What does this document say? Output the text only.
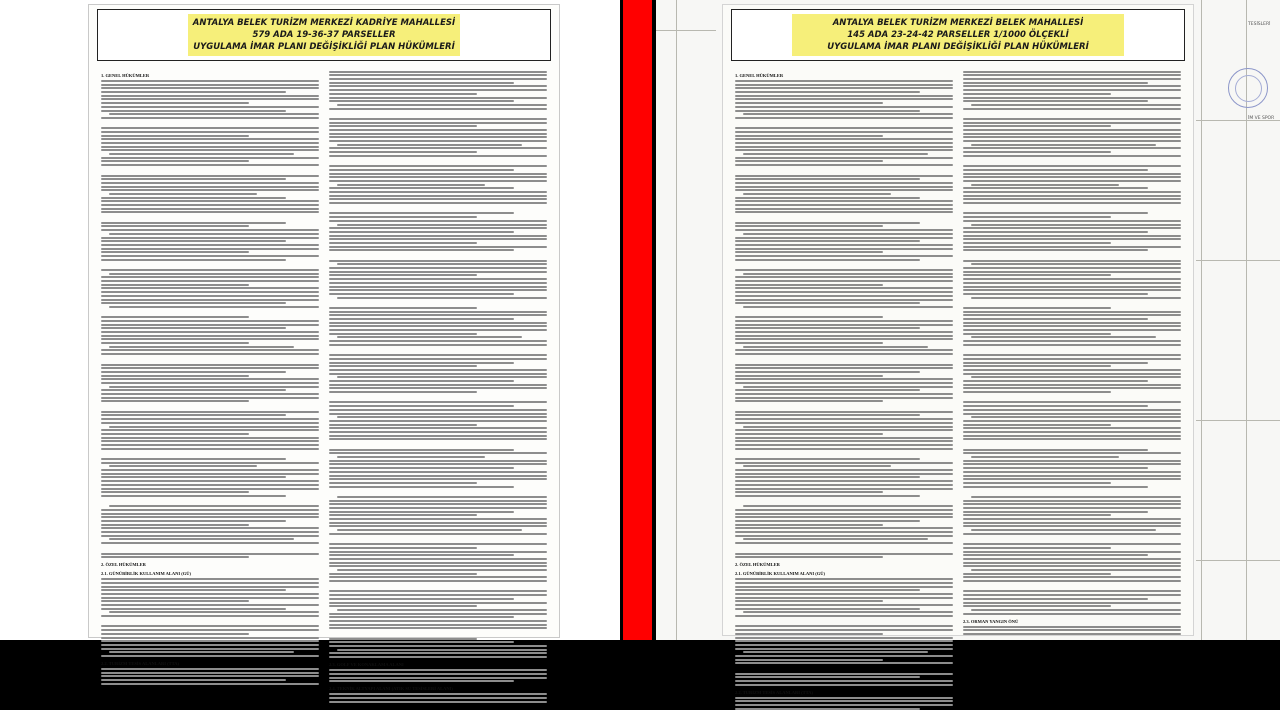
ANTALYA BELEK TURİZM MERKEZİ KADRİYE MAHALLESİ
579 ADA 19-36-37 PARSELLER
UYGULAMA İMAR PLANI DEĞİŞİKLİĞİ PLAN HÜKÜMLERİ
1. GENEL HÜKÜMLER
2. ÖZEL HÜKÜMLER
2.1. GÜNÜBİRLİK KULLANIM ALANI (GÜ)
2.2. TURİZM TESİS ALANLARI (TTA)	2.3. GOLF VE KONAKLAMA ALANI
2.4. TEKNİK ALTYAPI ALANI (ATIK SU TESİSLERİ ALANI)
TESİSLERİ
İM VE SPOR
ANTALYA BELEK TURİZM MERKEZİ BELEK MAHALLESİ
145 ADA 23-24-42 PARSELLER 1/1000 ÖLÇEKLİ
UYGULAMA İMAR PLANI DEĞİŞİKLİĞİ PLAN HÜKÜMLERİ
1. GENEL HÜKÜMLER
2. ÖZEL HÜKÜMLER
2.1. GÜNÜBİRLİK KULLANIM ALANI (GÜ)
2.2. TURİZM TESİS ALANLARI (TTA)
2.3. ORMAN YANGIN ÖNÜ
